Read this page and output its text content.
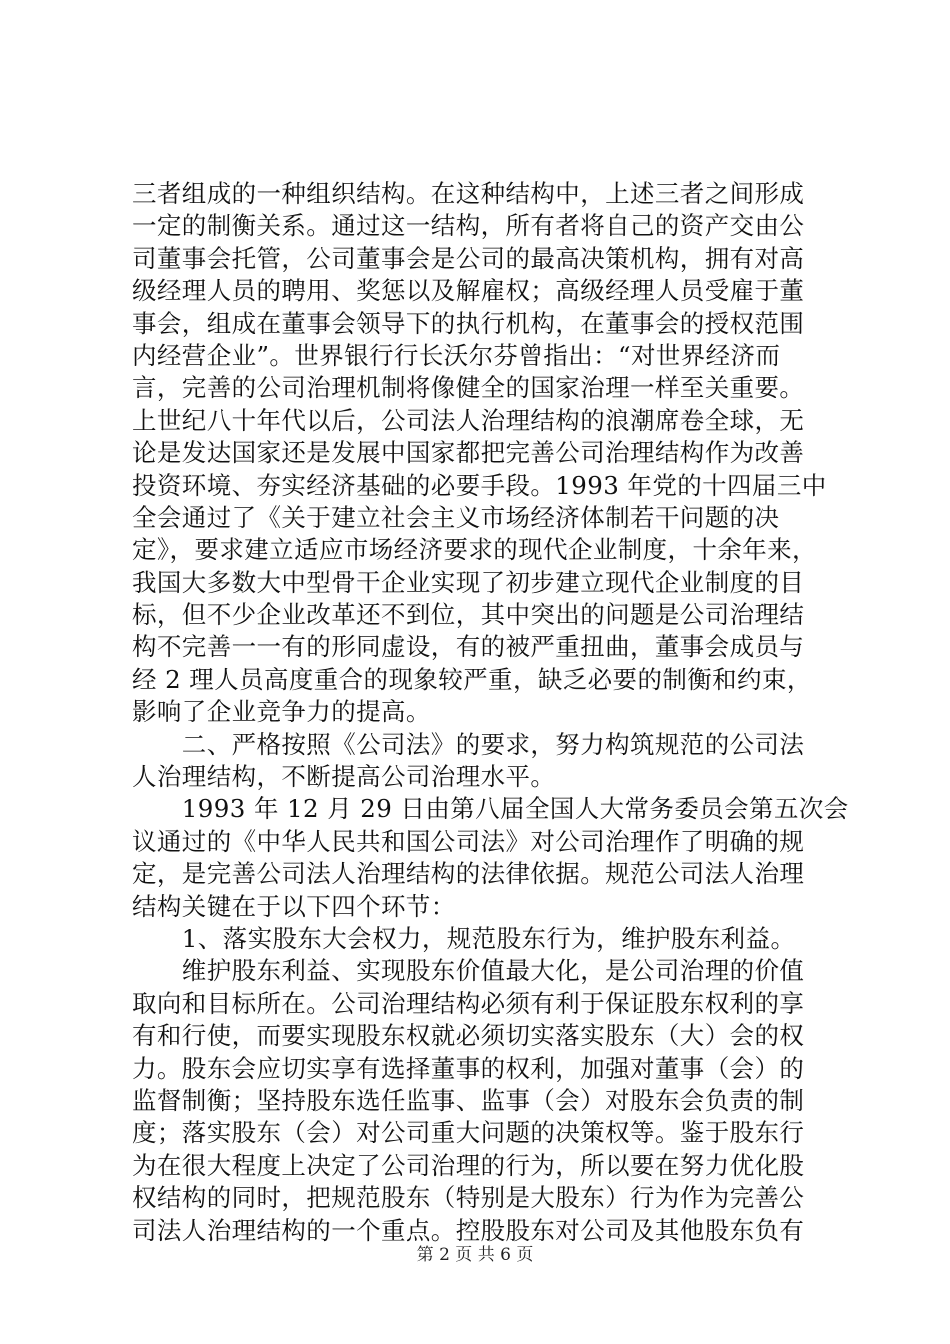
三者组成的一种组织结构。在这种结构中，上述三者之间形成
一定的制衡关系。通过这一结构，所有者将自己的资产交由公
司董事会托管，公司董事会是公司的最高决策机构，拥有对高
级经理人员的聘用、奖惩以及解雇权；高级经理人员受雇于董
事会，组成在董事会领导下的执行机构，在董事会的授权范围
内经营企业”。世界银行行长沃尔芬曾指出：“对世界经济而
言，完善的公司治理机制将像健全的国家治理一样至关重要。
上世纪八十年代以后，公司法人治理结构的浪潮席卷全球，无
论是发达国家还是发展中国家都把完善公司治理结构作为改善
投资环境、夯实经济基础的必要手段。1993 年党的十四届三中
全会通过了《关于建立社会主义市场经济体制若干问题的决
定》，要求建立适应市场经济要求的现代企业制度，十余年来，
我国大多数大中型骨干企业实现了初步建立现代企业制度的目
标，但不少企业改革还不到位，其中突出的问题是公司治理结
构不完善一一有的形同虚设，有的被严重扭曲，董事会成员与
经 2 理人员高度重合的现象较严重，缺乏必要的制衡和约束，
影响了企业竞争力的提高。
　　二、严格按照《公司法》的要求，努力构筑规范的公司法
人治理结构，不断提高公司治理水平。
　　1993 年 12 月 29 日由第八届全国人大常务委员会第五次会
议通过的《中华人民共和国公司法》对公司治理作了明确的规
定，是完善公司法人治理结构的法律依据。规范公司法人治理
结构关键在于以下四个环节：
　　1、落实股东大会权力，规范股东行为，维护股东利益。
　　维护股东利益、实现股东价值最大化，是公司治理的价值
取向和目标所在。公司治理结构必须有利于保证股东权利的享
有和行使，而要实现股东权就必须切实落实股东（大）会的权
力。股东会应切实享有选择董事的权利，加强对董事（会）的
监督制衡；坚持股东选任监事、监事（会）对股东会负责的制
度；落实股东（会）对公司重大问题的决策权等。鉴于股东行
为在很大程度上决定了公司治理的行为，所以要在努力优化股
权结构的同时，把规范股东（特别是大股东）行为作为完善公
司法人治理结构的一个重点。控股股东对公司及其他股东负有
第 2 页 共 6 页
